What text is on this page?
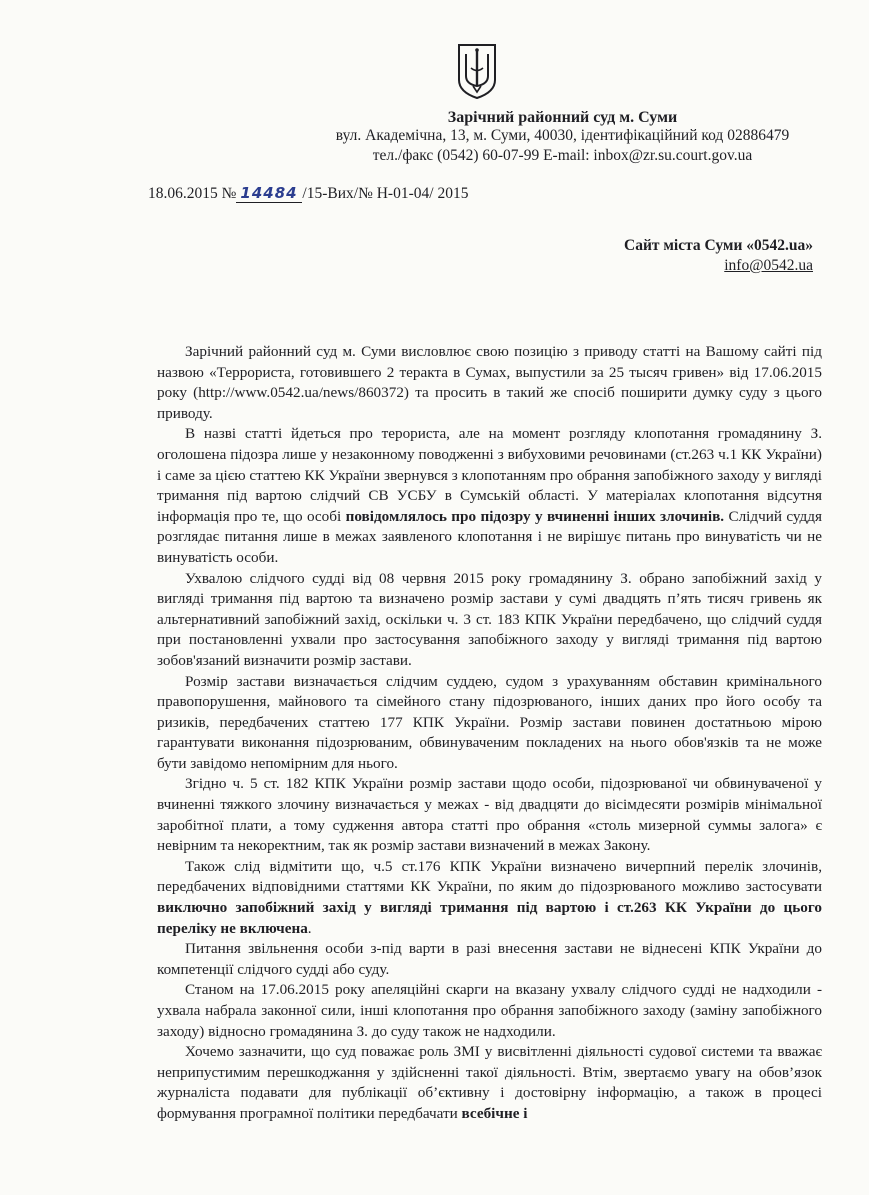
Зарічний районний суд м. Суми
вул. Академічна, 13, м. Суми, 40030, ідентифікаційний код 02886479
тел./факс (0542) 60-07-99 E-mail: inbox@zr.su.court.gov.ua
18.06.2015 № 14484 /15-Вих/№ Н-01-04/ 2015
Сайт міста Суми «0542.ua»
info@0542.ua

Зарічний районний суд м. Суми висловлює свою позицію з приводу статті на Вашому сайті під назвою «Террориста, готовившего 2 теракта в Сумах, выпустили за 25 тысяч гривен» від 17.06.2015 року (http://www.0542.ua/news/860372) та просить в такий же спосіб поширити думку суду з цього приводу.

В назві статті йдеться про терориста, але на момент розгляду клопотання громадянину З. оголошена підозра лише у незаконному поводженні з вибуховими речовинами (ст.263 ч.1 КК України) і саме за цією статтею КК України звернувся з клопотанням про обрання запобіжного заходу у вигляді тримання під вартою слідчий СВ УСБУ в Сумській області. У матеріалах клопотання відсутня інформація про те, що особі повідомлялось про підозру у вчиненні інших злочинів. Слідчий суддя розглядає питання лише в межах заявленого клопотання і не вирішує питань про винуватість чи не винуватість особи.

Ухвалою слідчого судді від 08 червня 2015 року громадянину З. обрано запобіжний захід у вигляді тримання під вартою та визначено розмір застави у сумі двадцять п’ять тисяч гривень як альтернативний запобіжний захід, оскільки ч. 3 ст. 183 КПК України передбачено, що слідчий суддя при постановленні ухвали про застосування запобіжного заходу у вигляді тримання під вартою зобов'язаний визначити розмір застави.

Розмір застави визначається слідчим суддею, судом з урахуванням обставин кримінального правопорушення, майнового та сімейного стану підозрюваного, інших даних про його особу та ризиків, передбачених статтею 177 КПК України. Розмір застави повинен достатньою мірою гарантувати виконання підозрюваним, обвинуваченим покладених на нього обов'язків та не може бути завідомо непомірним для нього.

Згідно ч. 5 ст. 182 КПК України розмір застави щодо особи, підозрюваної чи обвинуваченої у вчиненні тяжкого злочину визначається у межах - від двадцяти до вісімдесяти розмірів мінімальної заробітної плати, а тому судження автора статті про обрання «столь мизерной суммы залога» є невірним та некоректним, так як розмір застави визначений в межах Закону.

Також слід відмітити що, ч.5 ст.176 КПК України визначено вичерпний перелік злочинів, передбачених відповідними статтями КК України, по яким до підозрюваного можливо застосувати виключно запобіжний захід у вигляді тримання під вартою і ст.263 КК України до цього переліку не включена.

Питання звільнення особи з-під варти в разі внесення застави не віднесені КПК України до компетенції слідчого судді або суду.

Станом на 17.06.2015 року апеляційні скарги на вказану ухвалу слідчого судді не надходили - ухвала набрала законної сили, інші клопотання про обрання запобіжного заходу (заміну запобіжного заходу) відносно громадянина З. до суду також не надходили.

Хочемо зазначити, що суд поважає роль ЗМІ у висвітленні діяльності судової системи та вважає неприпустимим перешкоджання у здійсненні такої діяльності. Втім, звертаємо увагу на обов’язок журналіста подавати для публікації об’єктивну і достовірну інформацію, а також в процесі формування програмної політики передбачати всебічне і
